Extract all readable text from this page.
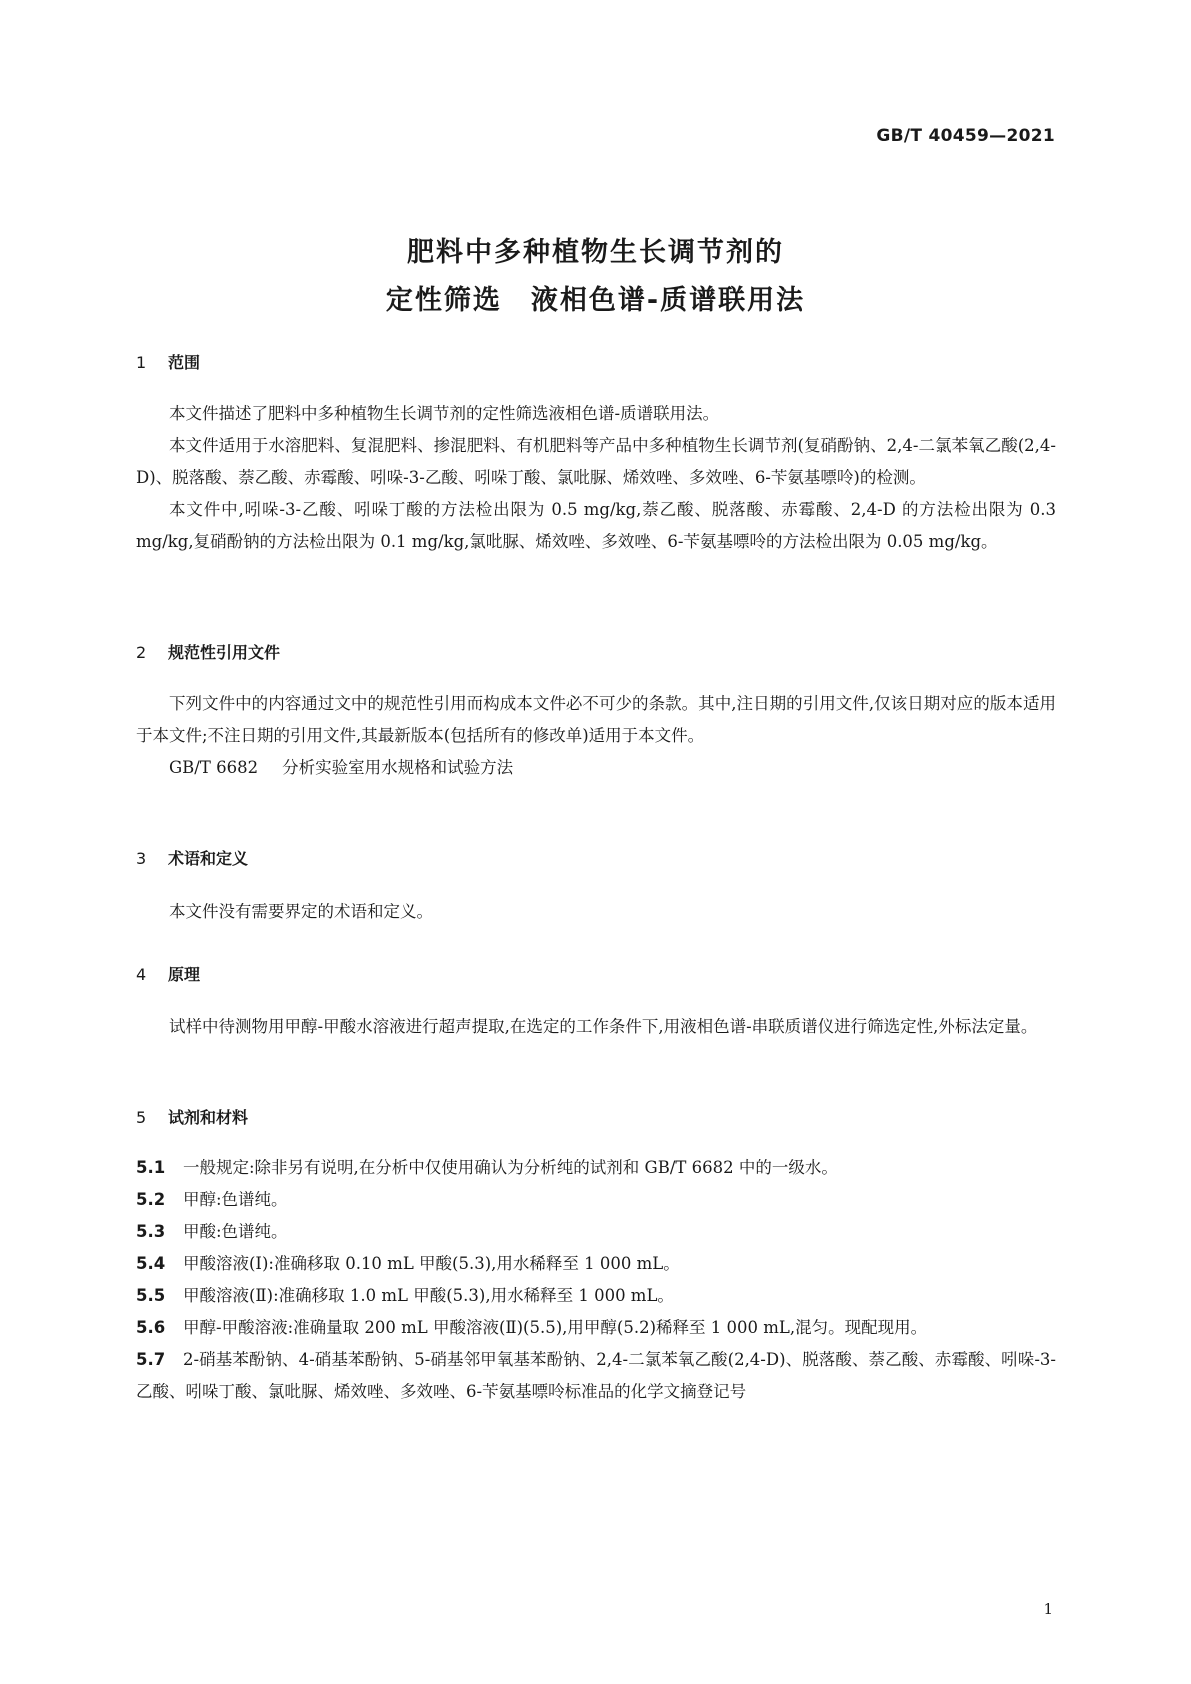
GB/T 40459—2021
肥料中多种植物生长调节剂的
定性筛选　液相色谱-质谱联用法
1 范围

本文件描述了肥料中多种植物生长调节剂的定性筛选液相色谱-质谱联用法。

本文件适用于水溶肥料、复混肥料、掺混肥料、有机肥料等产品中多种植物生长调节剂(复硝酚钠、2,4-二氯苯氧乙酸(2,4-D)、脱落酸、萘乙酸、赤霉酸、吲哚-3-乙酸、吲哚丁酸、氯吡脲、烯效唑、多效唑、6-苄氨基嘌呤)的检测。

本文件中,吲哚-3-乙酸、吲哚丁酸的方法检出限为 0.5 mg/kg,萘乙酸、脱落酸、赤霉酸、2,4-D 的方法检出限为 0.3 mg/kg,复硝酚钠的方法检出限为 0.1 mg/kg,氯吡脲、烯效唑、多效唑、6-苄氨基嘌呤的方法检出限为 0.05 mg/kg。

2 规范性引用文件

下列文件中的内容通过文中的规范性引用而构成本文件必不可少的条款。其中,注日期的引用文件,仅该日期对应的版本适用于本文件;不注日期的引用文件,其最新版本(包括所有的修改单)适用于本文件。

GB/T 6682 分析实验室用水规格和试验方法

3 术语和定义

本文件没有需要界定的术语和定义。

4 原理

试样中待测物用甲醇-甲酸水溶液进行超声提取,在选定的工作条件下,用液相色谱-串联质谱仪进行筛选定性,外标法定量。

5 试剂和材料
5.1 一般规定:除非另有说明,在分析中仅使用确认为分析纯的试剂和 GB/T 6682 中的一级水。
5.2 甲醇:色谱纯。
5.3 甲酸:色谱纯。
5.4 甲酸溶液(Ⅰ):准确移取 0.10 mL 甲酸(5.3),用水稀释至 1 000 mL。
5.5 甲酸溶液(Ⅱ):准确移取 1.0 mL 甲酸(5.3),用水稀释至 1 000 mL。
5.6 甲醇-甲酸溶液:准确量取 200 mL 甲酸溶液(Ⅱ)(5.5),用甲醇(5.2)稀释至 1 000 mL,混匀。现配现用。
5.7 2-硝基苯酚钠、4-硝基苯酚钠、5-硝基邻甲氧基苯酚钠、2,4-二氯苯氧乙酸(2,4-D)、脱落酸、萘乙酸、赤霉酸、吲哚-3-乙酸、吲哚丁酸、氯吡脲、烯效唑、多效唑、6-苄氨基嘌呤标准品的化学文摘登记号
1
